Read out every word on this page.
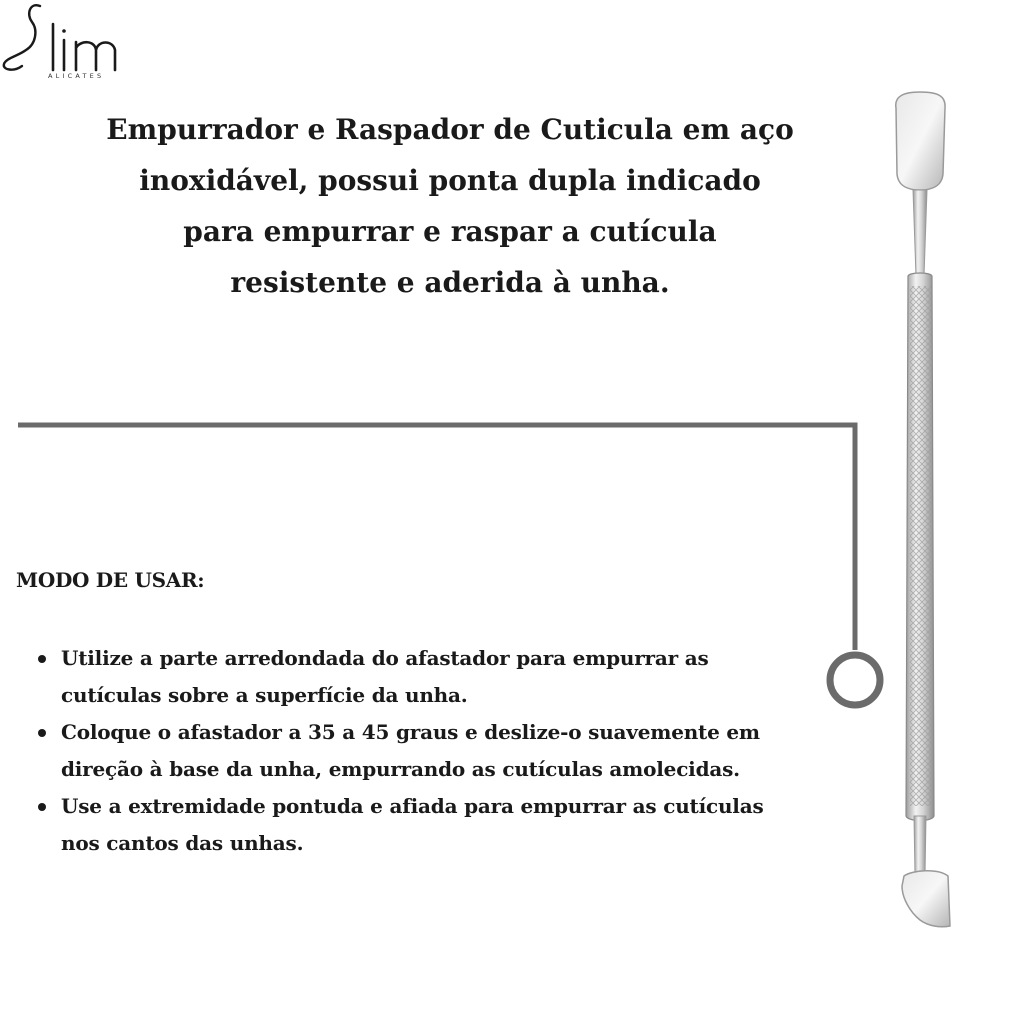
ALICATES
Empurrador e Raspador de Cuticula em aço
inoxidável, possui ponta dupla indicado
para empurrar e raspar a cutícula
resistente e aderida à unha.
MODO DE USAR:
Utilize a parte arredondada do afastador para empurrar as
cutículas sobre a superfície da unha.
Coloque o afastador a 35 a 45 graus e deslize-o suavemente em
direção à base da unha, empurrando as cutículas amolecidas.
Use a extremidade pontuda e afiada para empurrar as cutículas
nos cantos das unhas.
